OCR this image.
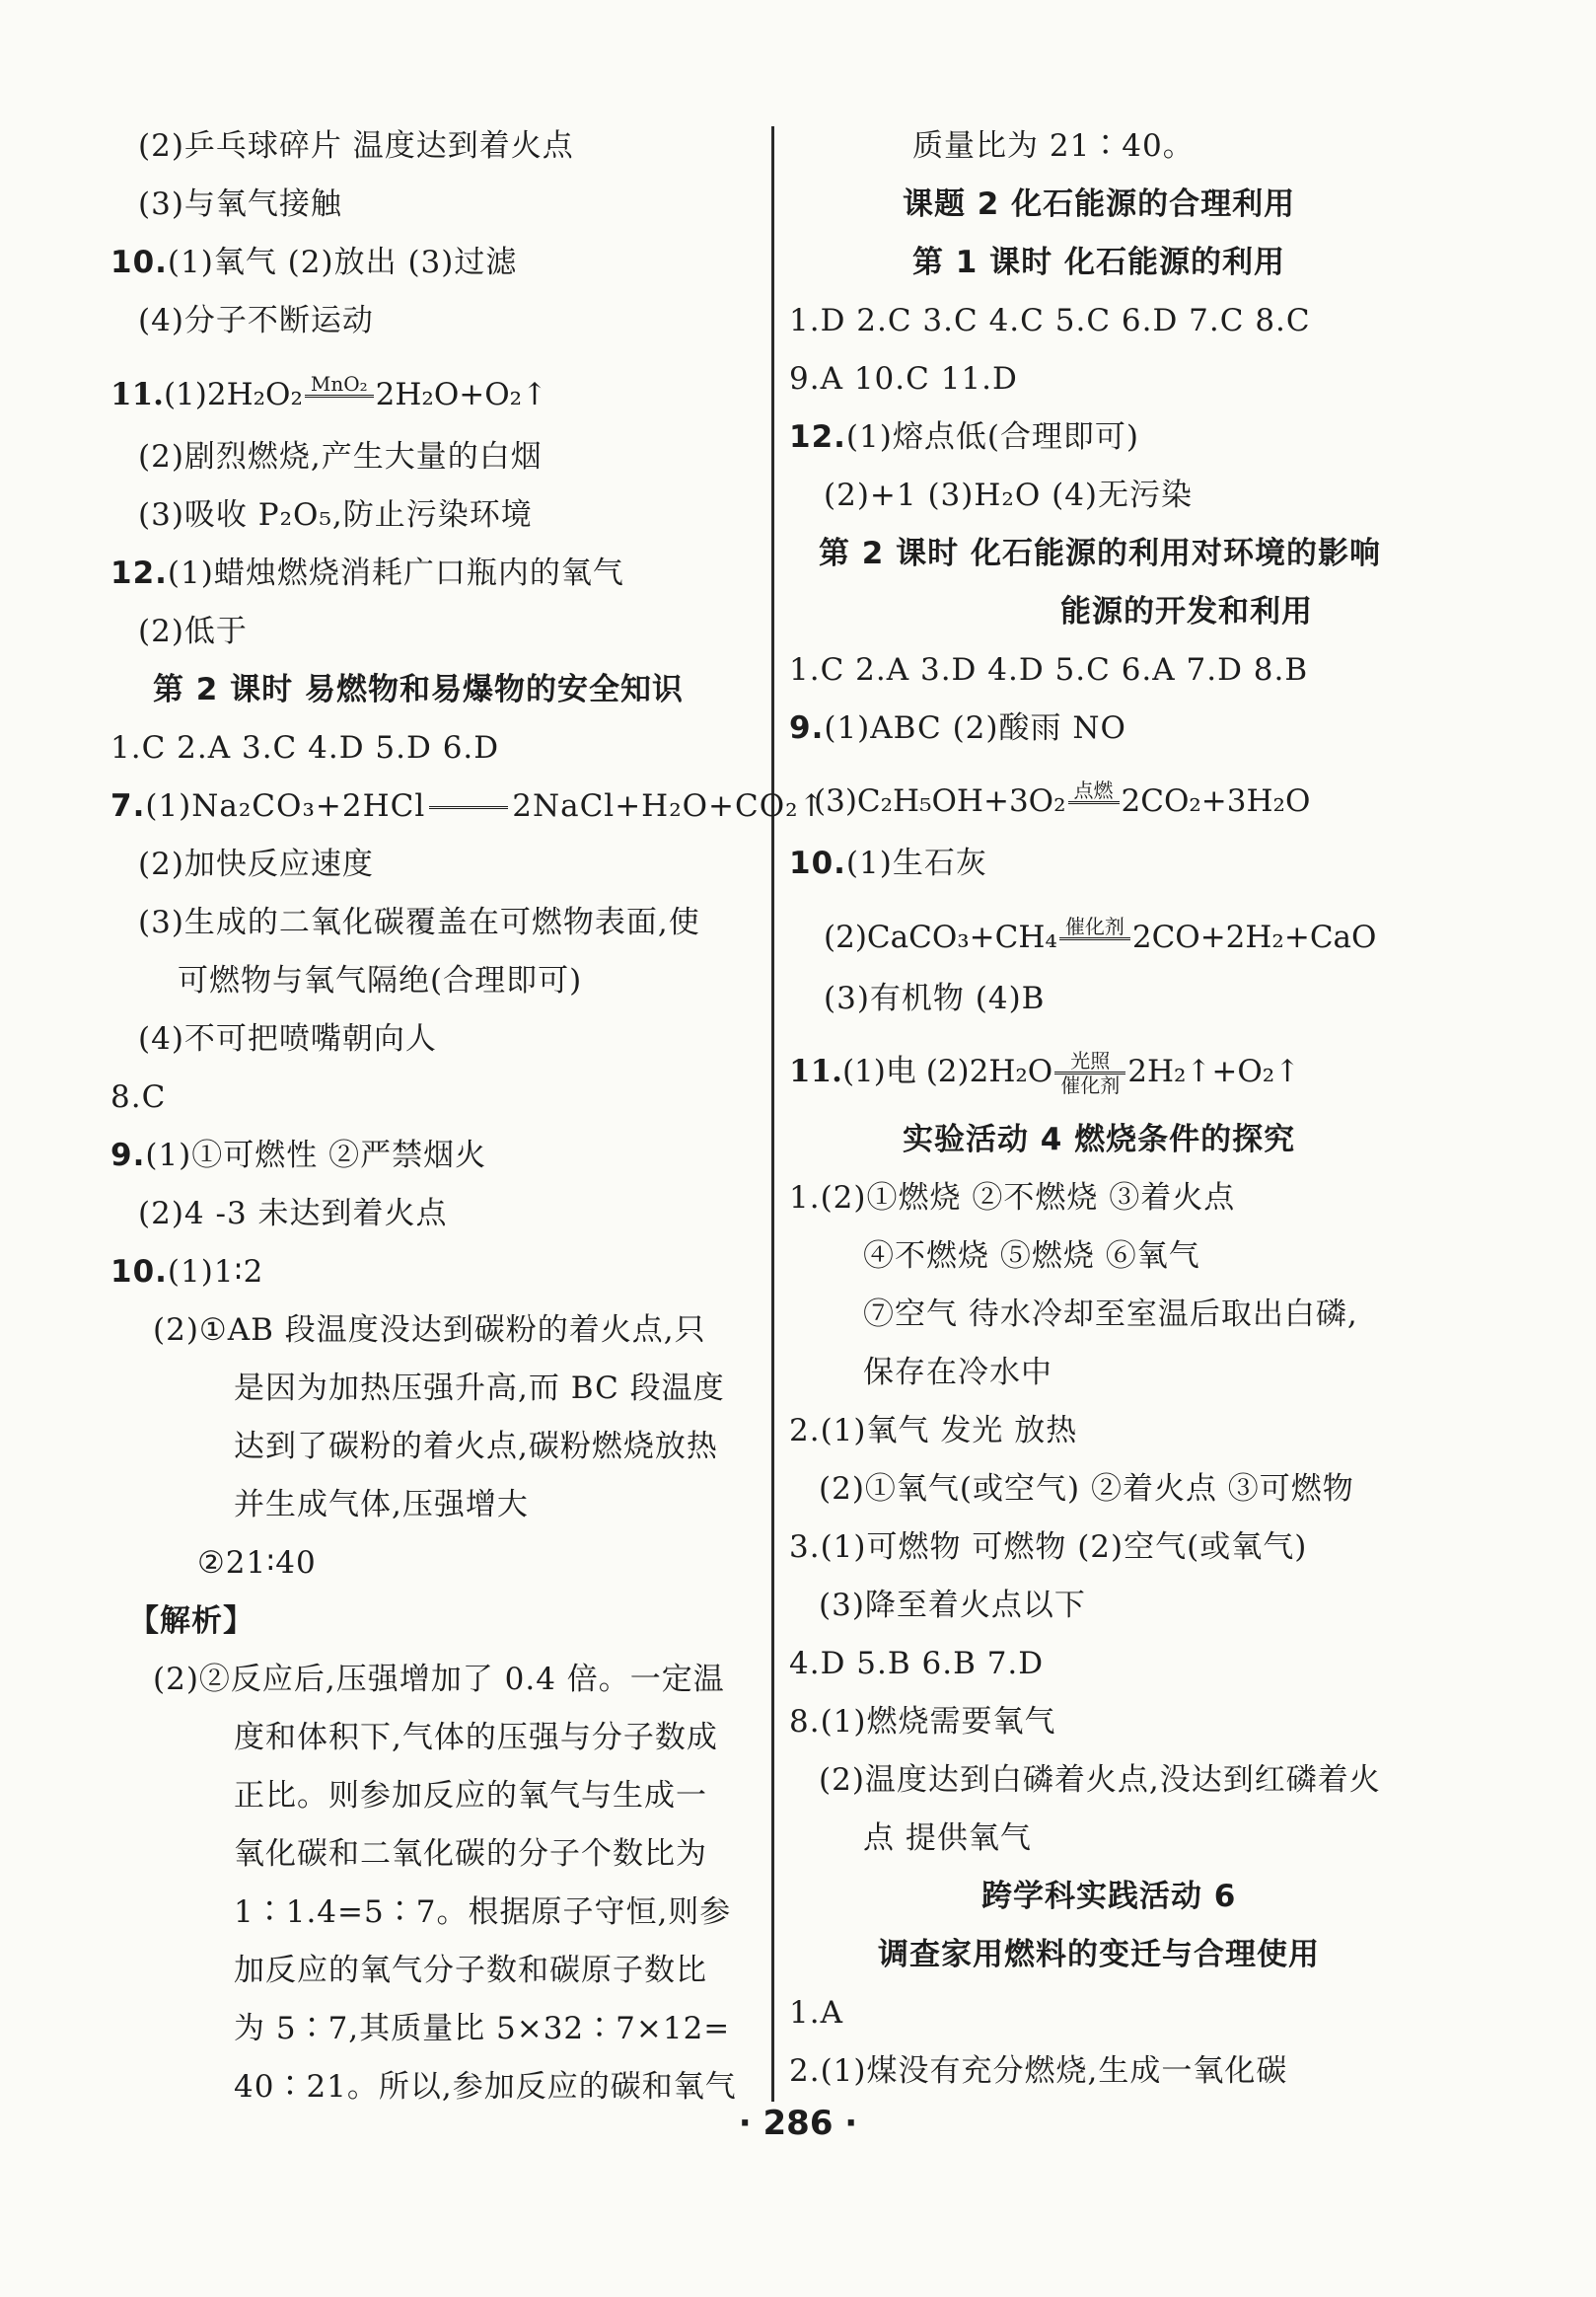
(2)乒乓球碎片 温度达到着火点
(3)与氧气接触
10.(1)氧气 (2)放出 (3)过滤
(4)分子不断运动
11.(1)2H₂O₂ MnO₂ 2H₂O+O₂↑
(2)剧烈燃烧,产生大量的白烟
(3)吸收 P₂O₅,防止污染环境
12.(1)蜡烛燃烧消耗广口瓶内的氧气
(2)低于
第 2 课时 易燃物和易爆物的安全知识
1.C 2.A 3.C 4.D 5.D 6.D
7.(1)Na₂CO₃+2HCl	2NaCl+H₂O+CO₂↑
(2)加快反应速度
(3)生成的二氧化碳覆盖在可燃物表面,使
可燃物与氧气隔绝(合理即可)
(4)不可把喷嘴朝向人
8.C
9.(1)①可燃性 ②严禁烟火
(2)4 -3 未达到着火点
10.(1)1∶2
(2)①AB 段温度没达到碳粉的着火点,只
是因为加热压强升高,而 BC 段温度
达到了碳粉的着火点,碳粉燃烧放热
并生成气体,压强增大
②21∶40
【解析】
(2)②反应后,压强增加了 0.4 倍。一定温
度和体积下,气体的压强与分子数成
正比。则参加反应的氧气与生成一
氧化碳和二氧化碳的分子个数比为
1∶1.4=5∶7。根据原子守恒,则参
加反应的氧气分子数和碳原子数比
为 5∶7,其质量比 5×32∶7×12=
40∶21。所以,参加反应的碳和氧气
质量比为 21∶40。
课题 2 化石能源的合理利用
第 1 课时 化石能源的利用
1.D 2.C 3.C 4.C 5.C 6.D 7.C 8.C
9.A 10.C 11.D
12.(1)熔点低(合理即可)
(2)+1 (3)H₂O (4)无污染
第 2 课时 化石能源的利用对环境的影响
能源的开发和利用
1.C 2.A 3.D 4.D 5.C 6.A 7.D 8.B
9.(1)ABC (2)酸雨 NO
(3)C₂H₅OH+3O₂ 点燃 2CO₂+3H₂O
10.(1)生石灰
(2)CaCO₃+CH₄ 催化剂 2CO+2H₂+CaO
(3)有机物 (4)B
11.(1)电 $(2)2H_2O \frac{\text{光照}}{\text{催化剂}}$ 2H₂↑+O₂↑
实验活动 4 燃烧条件的探究
1.(2)①燃烧 ②不燃烧 ③着火点
④不燃烧 ⑤燃烧 ⑥氧气
⑦空气 待水冷却至室温后取出白磷,
保存在冷水中
2.(1)氧气 发光 放热
(2)①氧气(或空气) ②着火点 ③可燃物
3.(1)可燃物 可燃物 (2)空气(或氧气)
(3)降至着火点以下
4.D 5.B 6.B 7.D
8.(1)燃烧需要氧气
(2)温度达到白磷着火点,没达到红磷着火
点 提供氧气
跨学科实践活动 6
调查家用燃料的变迁与合理使用
1.A
2.(1)煤没有充分燃烧,生成一氧化碳
· 286 ·
